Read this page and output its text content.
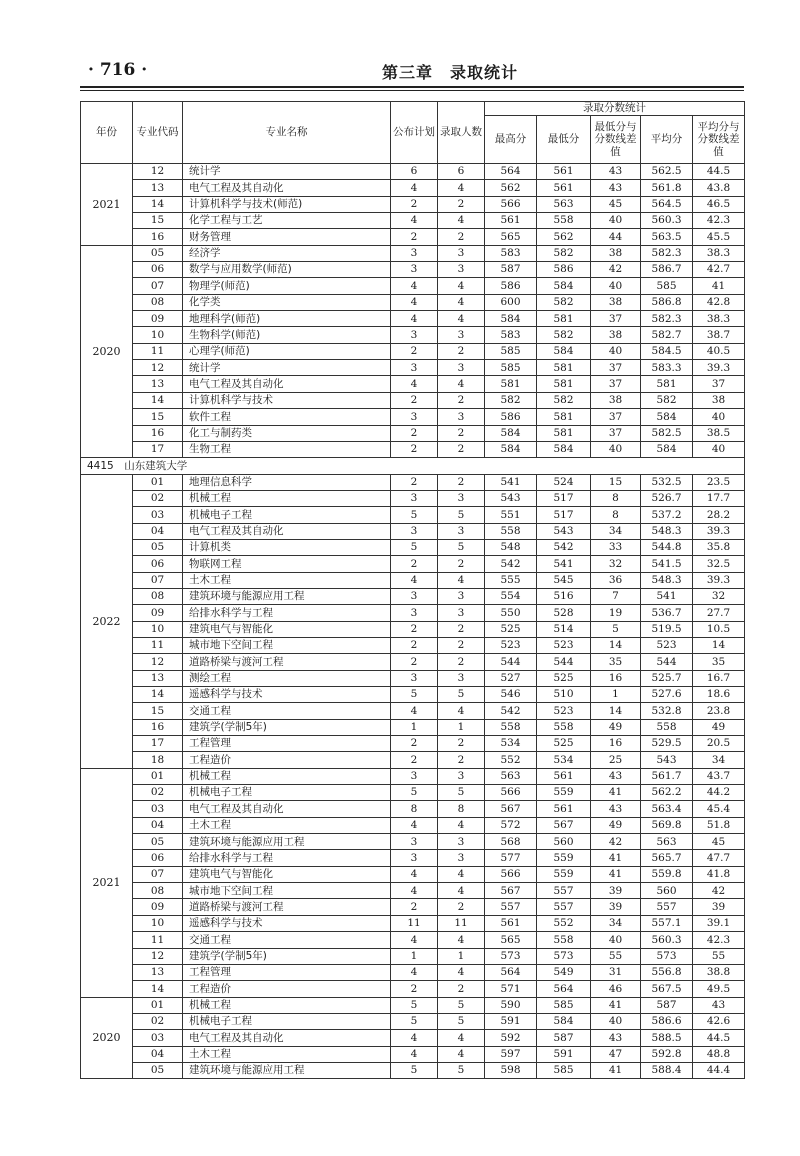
· 716 ·	第三章　录取统计
年份	专业代码	专业名称	公布计划	录取人数	录取分数统计				
					最高分	最低分	最低分与分数线差值	平均分	平均分与分数线差值
2021	12	统计学	6	6	564	561	43	562.5	44.5
	13	电气工程及其自动化	4	4	562	561	43	561.8	43.8
	14	计算机科学与技术(师范)	2	2	566	563	45	564.5	46.5
	15	化学工程与工艺	4	4	561	558	40	560.3	42.3
	16	财务管理	2	2	565	562	44	563.5	45.5
2020	05	经济学	3	3	583	582	38	582.3	38.3
	06	数学与应用数学(师范)	3	3	587	586	42	586.7	42.7
	07	物理学(师范)	4	4	586	584	40	585	41
	08	化学类	4	4	600	582	38	586.8	42.8
	09	地理科学(师范)	4	4	584	581	37	582.3	38.3
	10	生物科学(师范)	3	3	583	582	38	582.7	38.7
	11	心理学(师范)	2	2	585	584	40	584.5	40.5
	12	统计学	3	3	585	581	37	583.3	39.3
	13	电气工程及其自动化	4	4	581	581	37	581	37
	14	计算机科学与技术	2	2	582	582	38	582	38
	15	软件工程	3	3	586	581	37	584	40
	16	化工与制药类	2	2	584	581	37	582.5	38.5
	17	生物工程	2	2	584	584	40	584	40
4415　山东建筑大学									
2022	01	地理信息科学	2	2	541	524	15	532.5	23.5
	02	机械工程	3	3	543	517	8	526.7	17.7
	03	机械电子工程	5	5	551	517	8	537.2	28.2
	04	电气工程及其自动化	3	3	558	543	34	548.3	39.3
	05	计算机类	5	5	548	542	33	544.8	35.8
	06	物联网工程	2	2	542	541	32	541.5	32.5
	07	土木工程	4	4	555	545	36	548.3	39.3
	08	建筑环境与能源应用工程	3	3	554	516	7	541	32
	09	给排水科学与工程	3	3	550	528	19	536.7	27.7
	10	建筑电气与智能化	2	2	525	514	5	519.5	10.5
	11	城市地下空间工程	2	2	523	523	14	523	14
	12	道路桥梁与渡河工程	2	2	544	544	35	544	35
	13	测绘工程	3	3	527	525	16	525.7	16.7
	14	遥感科学与技术	5	5	546	510	1	527.6	18.6
	15	交通工程	4	4	542	523	14	532.8	23.8
	16	建筑学(学制5年)	1	1	558	558	49	558	49
	17	工程管理	2	2	534	525	16	529.5	20.5
	18	工程造价	2	2	552	534	25	543	34
2021	01	机械工程	3	3	563	561	43	561.7	43.7
	02	机械电子工程	5	5	566	559	41	562.2	44.2
	03	电气工程及其自动化	8	8	567	561	43	563.4	45.4
	04	土木工程	4	4	572	567	49	569.8	51.8
	05	建筑环境与能源应用工程	3	3	568	560	42	563	45
	06	给排水科学与工程	3	3	577	559	41	565.7	47.7
	07	建筑电气与智能化	4	4	566	559	41	559.8	41.8
	08	城市地下空间工程	4	4	567	557	39	560	42
	09	道路桥梁与渡河工程	2	2	557	557	39	557	39
	10	遥感科学与技术	11	11	561	552	34	557.1	39.1
	11	交通工程	4	4	565	558	40	560.3	42.3
	12	建筑学(学制5年)	1	1	573	573	55	573	55
	13	工程管理	4	4	564	549	31	556.8	38.8
	14	工程造价	2	2	571	564	46	567.5	49.5
2020	01	机械工程	5	5	590	585	41	587	43
	02	机械电子工程	5	5	591	584	40	586.6	42.6
	03	电气工程及其自动化	4	4	592	587	43	588.5	44.5
	04	土木工程	4	4	597	591	47	592.8	48.8
	05	建筑环境与能源应用工程	5	5	598	585	41	588.4	44.4
